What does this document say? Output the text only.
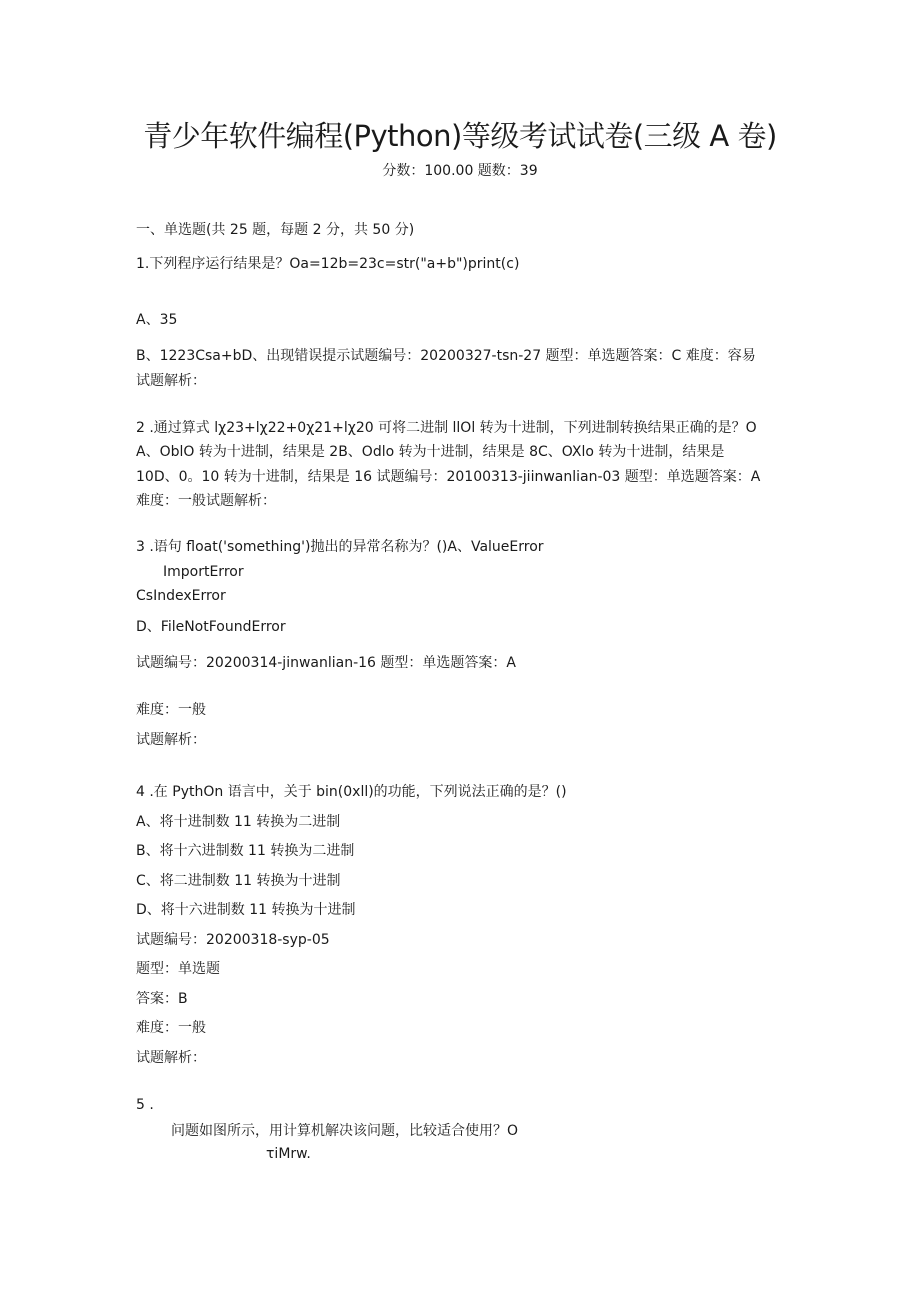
青少年软件编程(Python)等级考试试卷(三级 A 卷)
分数：100.00 题数：39
一、单选题(共 25 题，每题 2 分，共 50 分)
1.下列程序运行结果是？Oa=12b=23c=str("a+b")print(c)
A、35
B、1223Csa+bD、出现错误提示试题编号：20200327-tsn-27 题型：单选题答案：C 难度：容易
试题解析：
2 .通过算式 lχ23+lχ22+0χ21+lχ20 可将二进制 llOl 转为十进制，下列进制转换结果正确的是？O
A、OblO 转为十进制，结果是 2B、Odlo 转为十进制，结果是 8C、OXlo 转为十进制，结果是
10D、0。10 转为十进制，结果是 16 试题编号：20100313-jiinwanlian-03 题型：单选题答案：A
难度：一般试题解析：
3 .语句 float('something')抛出的异常名称为？()A、ValueError
ImportError
CsIndexError
D、FileNotFoundError
试题编号：20200314-jinwanlian-16 题型：单选题答案：A
难度：一般
试题解析：
4 .在 PythOn 语言中，关于 bin(0xll)的功能，下列说法正确的是？()
A、将十进制数 11 转换为二进制
B、将十六进制数 11 转换为二进制
C、将二进制数 11 转换为十进制
D、将十六进制数 11 转换为十进制
试题编号：20200318-syp-05
题型：单选题
答案：B
难度：一般
试题解析：
5 .
问题如图所示，用计算机解决该问题，比较适合使用？O
τiMrw.
